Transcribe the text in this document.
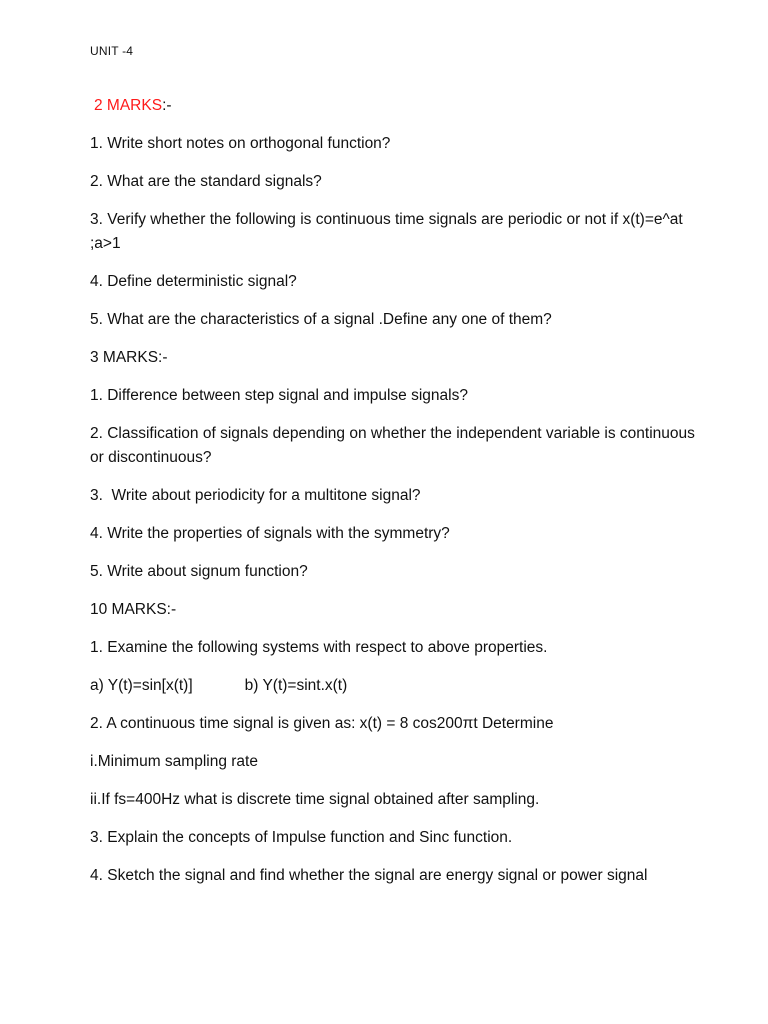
UNIT -4
2 MARKS:-
1. Write short notes on orthogonal function?
2. What are the standard signals?
3. Verify whether the following is continuous time signals are periodic or not if x(t)=e^at ;a>1
4. Define deterministic signal?
5. What are the characteristics of a signal .Define any one of them?
3 MARKS:-
1. Difference between step signal and impulse signals?
2. Classification of signals depending on whether the independent variable is continuous or discontinuous?
3.  Write about periodicity for a multitone signal?
4. Write the properties of signals with the symmetry?
5. Write about signum function?
10 MARKS:-
1. Examine the following systems with respect to above properties.
a) Y(t)=sin[x(t)]	b) Y(t)=sint.x(t)
2. A continuous time signal is given as: x(t) = 8 cos200πt Determine
i.Minimum sampling rate
ii.If fs=400Hz what is discrete time signal obtained after sampling.
3. Explain the concepts of Impulse function and Sinc function.
4. Sketch the signal and find whether the signal are energy signal or power signal
